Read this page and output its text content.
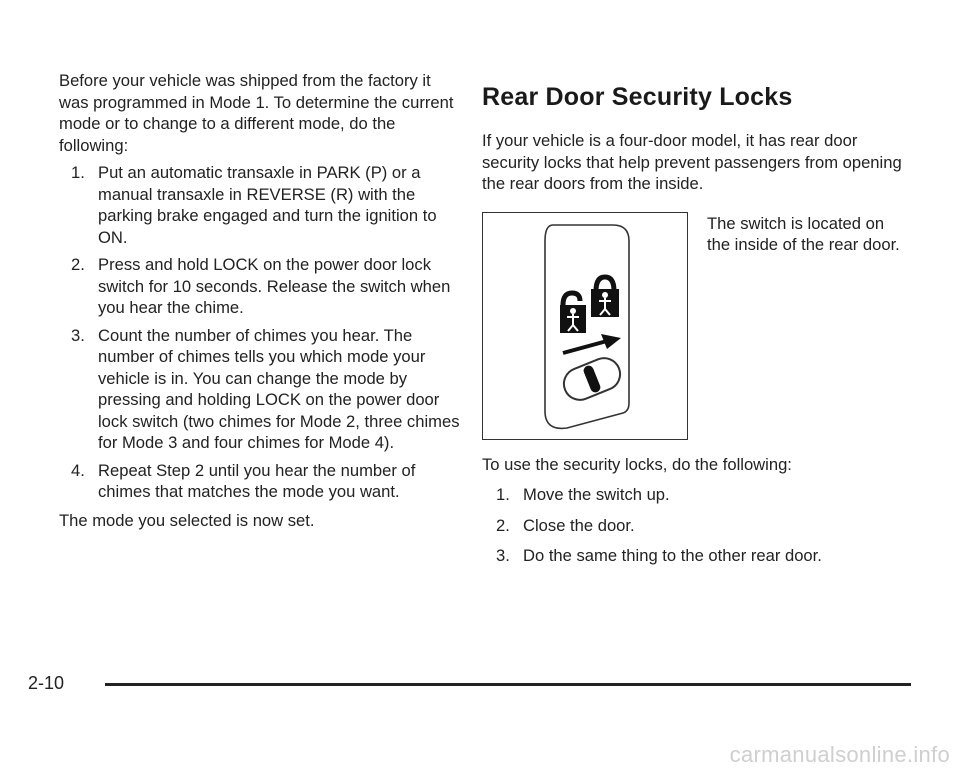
Before your vehicle was shipped from the factory it was programmed in Mode 1. To determine the current mode or to change to a different mode, do the following:

1. Put an automatic transaxle in PARK (P) or a manual transaxle in REVERSE (R) with the parking brake engaged and turn the ignition to ON.
2. Press and hold LOCK on the power door lock switch for 10 seconds. Release the switch when you hear the chime.
3. Count the number of chimes you hear. The number of chimes tells you which mode your vehicle is in. You can change the mode by pressing and holding LOCK on the power door lock switch (two chimes for Mode 2, three chimes for Mode 3 and four chimes for Mode 4).
4. Repeat Step 2 until you hear the number of chimes that matches the mode you want.

The mode you selected is now set.

Rear Door Security Locks

If your vehicle is a four-door model, it has rear door security locks that help prevent passengers from opening the rear doors from the inside.

The switch is located on the inside of the rear door.

To use the security locks, do the following:

1. Move the switch up.
2. Close the door.
3. Do the same thing to the other rear door.
2-10
carmanualsonline.info
